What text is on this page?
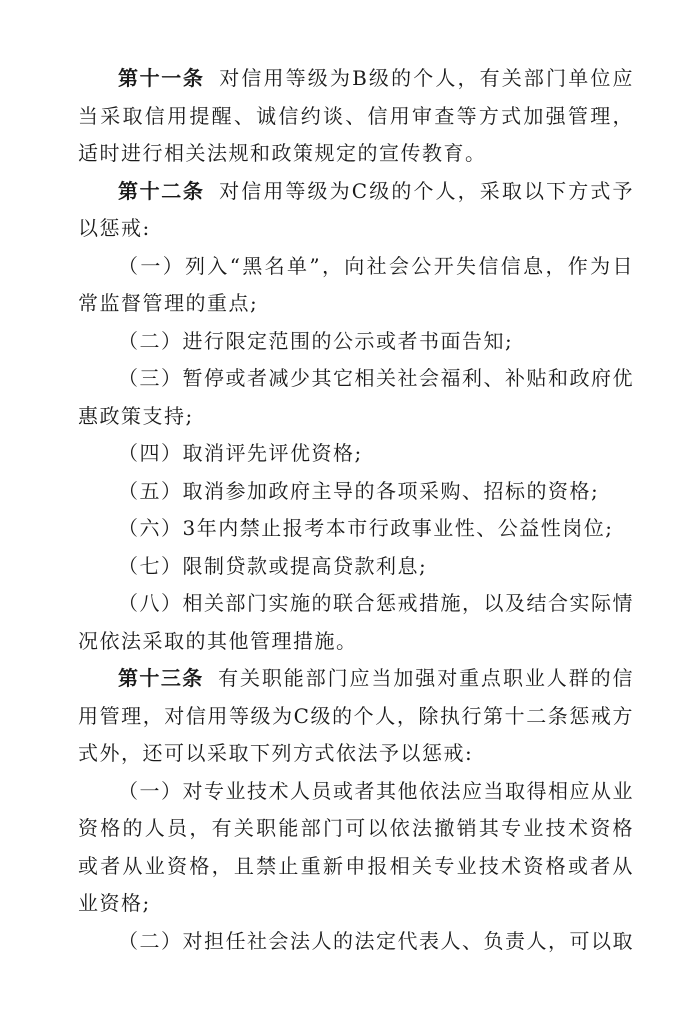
第十一条 对信用等级为B级的个人，有关部门单位应当采取信用提醒、诚信约谈、信用审查等方式加强管理，适时进行相关法规和政策规定的宣传教育。

第十二条 对信用等级为C级的个人，采取以下方式予以惩戒:

（一）列入“黑名单”，向社会公开失信信息，作为日常监督管理的重点;

（二）进行限定范围的公示或者书面告知;

（三）暂停或者减少其它相关社会福利、补贴和政府优惠政策支持;

（四）取消评先评优资格;

（五）取消参加政府主导的各项采购、招标的资格;

（六）3年内禁止报考本市行政事业性、公益性岗位;

（七）限制贷款或提高贷款利息;

（八）相关部门实施的联合惩戒措施，以及结合实际情况依法采取的其他管理措施。

第十三条 有关职能部门应当加强对重点职业人群的信用管理，对信用等级为C级的个人，除执行第十二条惩戒方式外，还可以采取下列方式依法予以惩戒:

（一）对专业技术人员或者其他依法应当取得相应从业资格的人员，有关职能部门可以依法撤销其专业技术资格或者从业资格，且禁止重新申报相关专业技术资格或者从业资格;

（二）对担任社会法人的法定代表人、负责人，可以取
